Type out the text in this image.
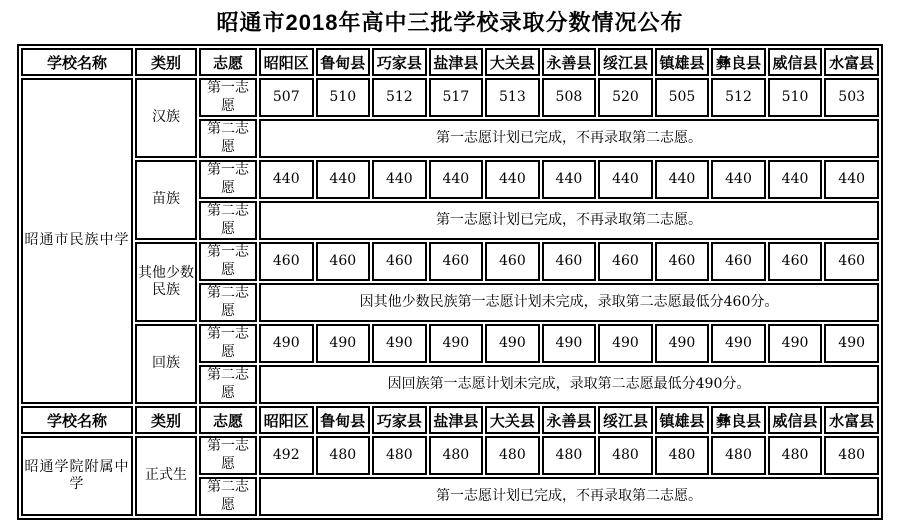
昭通市2018年高中三批学校录取分数情况公布
学校名称	类别	志愿	昭阳区	鲁甸县	巧家县	盐津县	大关县	永善县	绥江县	镇雄县	彝良县	威信县	水富县
昭通市民族中学	汉族	第一志愿	507	510	512	517	513	508	520	505	512	510	503
		第二志愿	第一志愿计划已完成，不再录取第二志愿。										
	苗族	第一志愿	440	440	440	440	440	440	440	440	440	440	440
		第二志愿	第一志愿计划已完成，不再录取第二志愿。										
	其他少数民族	第一志愿	460	460	460	460	460	460	460	460	460	460	460
		第二志愿	因其他少数民族第一志愿计划未完成，录取第二志愿最低分460分。										
	回族	第一志愿	490	490	490	490	490	490	490	490	490	490	490
		第二志愿	因回族第一志愿计划未完成，录取第二志愿最低分490分。										
学校名称	类别	志愿	昭阳区	鲁甸县	巧家县	盐津县	大关县	永善县	绥江县	镇雄县	彝良县	威信县	水富县
昭通学院附属中学	正式生	第一志愿	492	480	480	480	480	480	480	480	480	480	480
		第二志愿	第一志愿计划已完成，不再录取第二志愿。										
